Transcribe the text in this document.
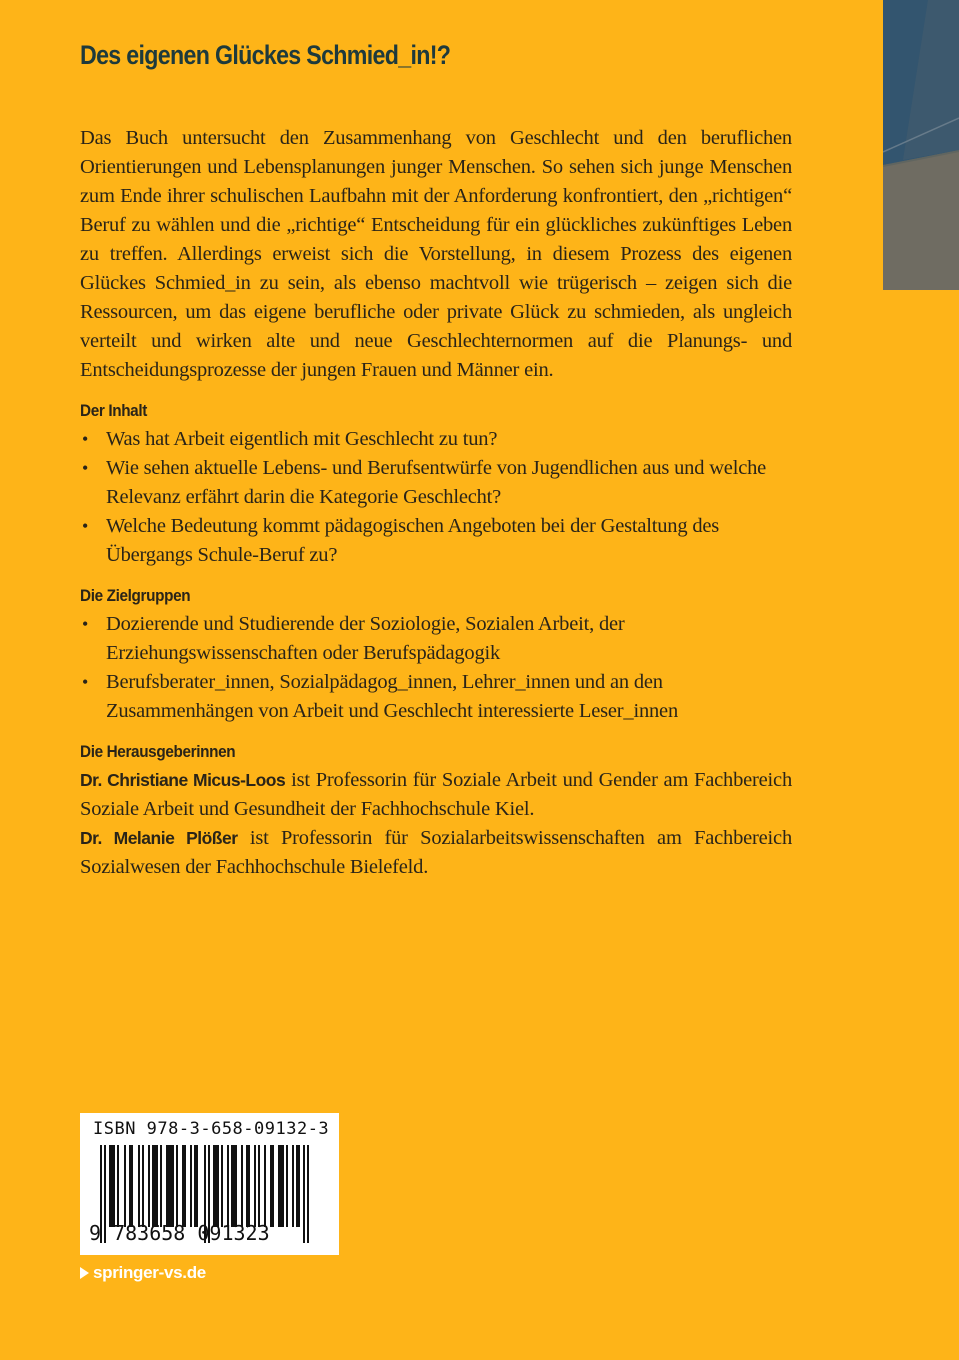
Des eigenen Glückes Schmied_in!?

Das Buch untersucht den Zusammenhang von Geschlecht und den beruflichen Orientierungen und Lebensplanungen junger Menschen. So sehen sich junge Menschen zum Ende ihrer schulischen Laufbahn mit der Anforderung konfrontiert, den „richtigen“ Beruf zu wählen und die „richtige“ Entscheidung für ein glückliches zukünftiges Leben zu treffen. Allerdings erweist sich die Vorstellung, in diesem Prozess des eigenen Glückes Schmied_in zu sein, als ebenso machtvoll wie trügerisch – zeigen sich die Ressourcen, um das eigene berufliche oder private Glück zu schmieden, als ungleich verteilt und wirken alte und neue Geschlechternormen auf die Planungs- und Entscheidungsprozesse der jungen Frauen und Männer ein.

Der Inhalt
• Was hat Arbeit eigentlich mit Geschlecht zu tun?
• Wie sehen aktuelle Lebens- und Berufsentwürfe von Jugendlichen aus und welche Relevanz erfährt darin die Kategorie Geschlecht?
• Welche Bedeutung kommt pädagogischen Angeboten bei der Gestaltung des Übergangs Schule-Beruf zu?
Die Zielgruppen
• Dozierende und Studierende der Soziologie, Sozialen Arbeit, der Erziehungswissenschaften oder Berufspädagogik
• Berufsberater_innen, Sozialpädagog_innen, Lehrer_innen und an den Zusammenhängen von Arbeit und Geschlecht interessierte Leser_innen
Die Herausgeberinnen

Dr. Christiane Micus-Loos ist Professorin für Soziale Arbeit und Gender am Fachbereich Soziale Arbeit und Gesundheit der Fachhochschule Kiel.

Dr. Melanie Plößer ist Professorin für Sozialarbeitswissenschaften am Fachbereich Sozialwesen der Fachhochschule Bielefeld.

ISBN 978-3-658-09132-3
9 783658 091323
springer-vs.de
